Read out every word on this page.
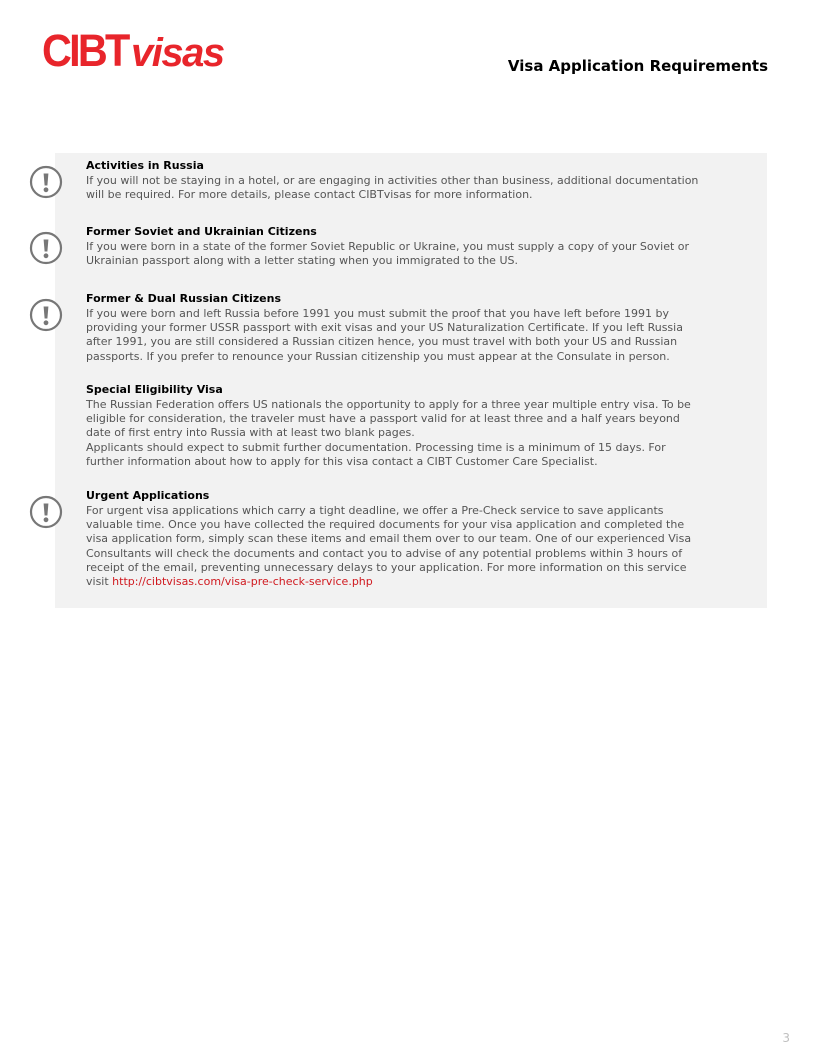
CIBT visas	Visa Application Requirements
Activities in Russia

If you will not be staying in a hotel, or are engaging in activities other than business, additional documentation will be required. For more details, please contact CIBTvisas for more information.

Former Soviet and Ukrainian Citizens

If you were born in a state of the former Soviet Republic or Ukraine, you must supply a copy of your Soviet or Ukrainian passport along with a letter stating when you immigrated to the US.

Former & Dual Russian Citizens

If you were born and left Russia before 1991 you must submit the proof that you have left before 1991 by providing your former USSR passport with exit visas and your US Naturalization Certificate. If you left Russia after 1991, you are still considered a Russian citizen hence, you must travel with both your US and Russian passports. If you prefer to renounce your Russian citizenship you must appear at the Consulate in person.

Special Eligibility Visa

The Russian Federation offers US nationals the opportunity to apply for a three year multiple entry visa. To be eligible for consideration, the traveler must have a passport valid for at least three and a half years beyond date of first entry into Russia with at least two blank pages.

Applicants should expect to submit further documentation. Processing time is a minimum of 15 days. For further information about how to apply for this visa contact a CIBT Customer Care Specialist.

Urgent Applications

For urgent visa applications which carry a tight deadline, we offer a Pre-Check service to save applicants valuable time. Once you have collected the required documents for your visa application and completed the visa application form, simply scan these items and email them over to our team. One of our experienced Visa Consultants will check the documents and contact you to advise of any potential problems within 3 hours of receipt of the email, preventing unnecessary delays to your application. For more information on this service visit http://cibtvisas.com/visa-pre-check-service.php

3
